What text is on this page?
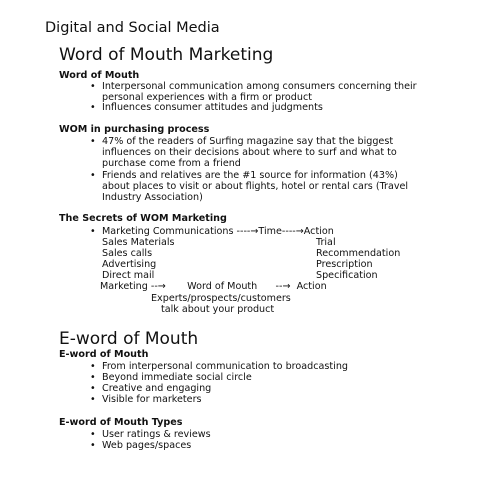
Digital and Social Media
Word of Mouth Marketing
Word of Mouth
• Interpersonal communication among consumers concerning their
personal experiences with a firm or product
• Influences consumer attitudes and judgments
WOM in purchasing process
• 47% of the readers of Surfing magazine say that the biggest
influences on their decisions about where to surf and what to
purchase come from a friend
• Friends and relatives are the #1 source for information (43%)
about places to visit or about flights, hotel or rental cars (Travel
Industry Association)
The Secrets of WOM Marketing
• Marketing Communications ----→Time----→Action
Sales Materials
Sales calls
Advertising
Direct mail
Trial
Recommendation
Prescription
Specification
Marketing --→       Word of Mouth      --→  Action
Experts/prospects/customers
talk about your product
E-word of Mouth
E-word of Mouth
• From interpersonal communication to broadcasting
• Beyond immediate social circle
• Creative and engaging
• Visible for marketers
E-word of Mouth Types
• User ratings & reviews
• Web pages/spaces
